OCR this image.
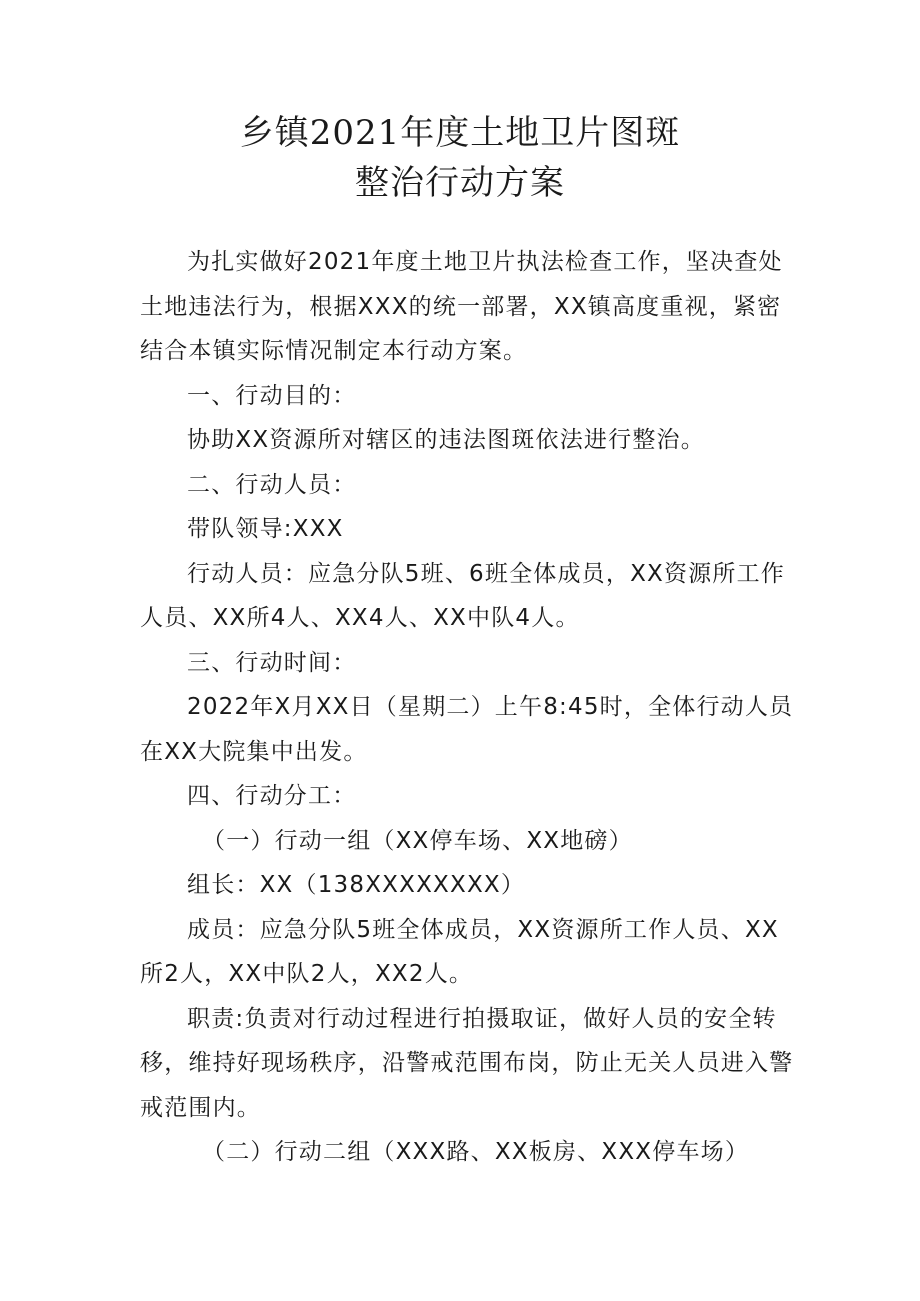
乡镇2021年度土地卫片图斑
整治行动方案

为扎实做好2021年度土地卫片执法检查工作，坚决查处土地违法行为，根据XXX的统一部署，XX镇高度重视，紧密结合本镇实际情况制定本行动方案。

一、行动目的：

协助XX资源所对辖区的违法图斑依法进行整治。

二、行动人员：

带队领导:XXX

行动人员：应急分队5班、6班全体成员，XX资源所工作人员、XX所4人、XX4人、XX中队4人。

三、行动时间：

2022年X月XX日（星期二）上午8:45时，全体行动人员在XX大院集中出发。

四、行动分工：

（一）行动一组（XX停车场、XX地磅）

组长：XX（138XXXXXXXX）

成员：应急分队5班全体成员，XX资源所工作人员、XX所2人，XX中队2人，XX2人。

职责:负责对行动过程进行拍摄取证，做好人员的安全转移，维持好现场秩序，沿警戒范围布岗，防止无关人员进入警戒范围内。

（二）行动二组（XXX路、XX板房、XXX停车场）
